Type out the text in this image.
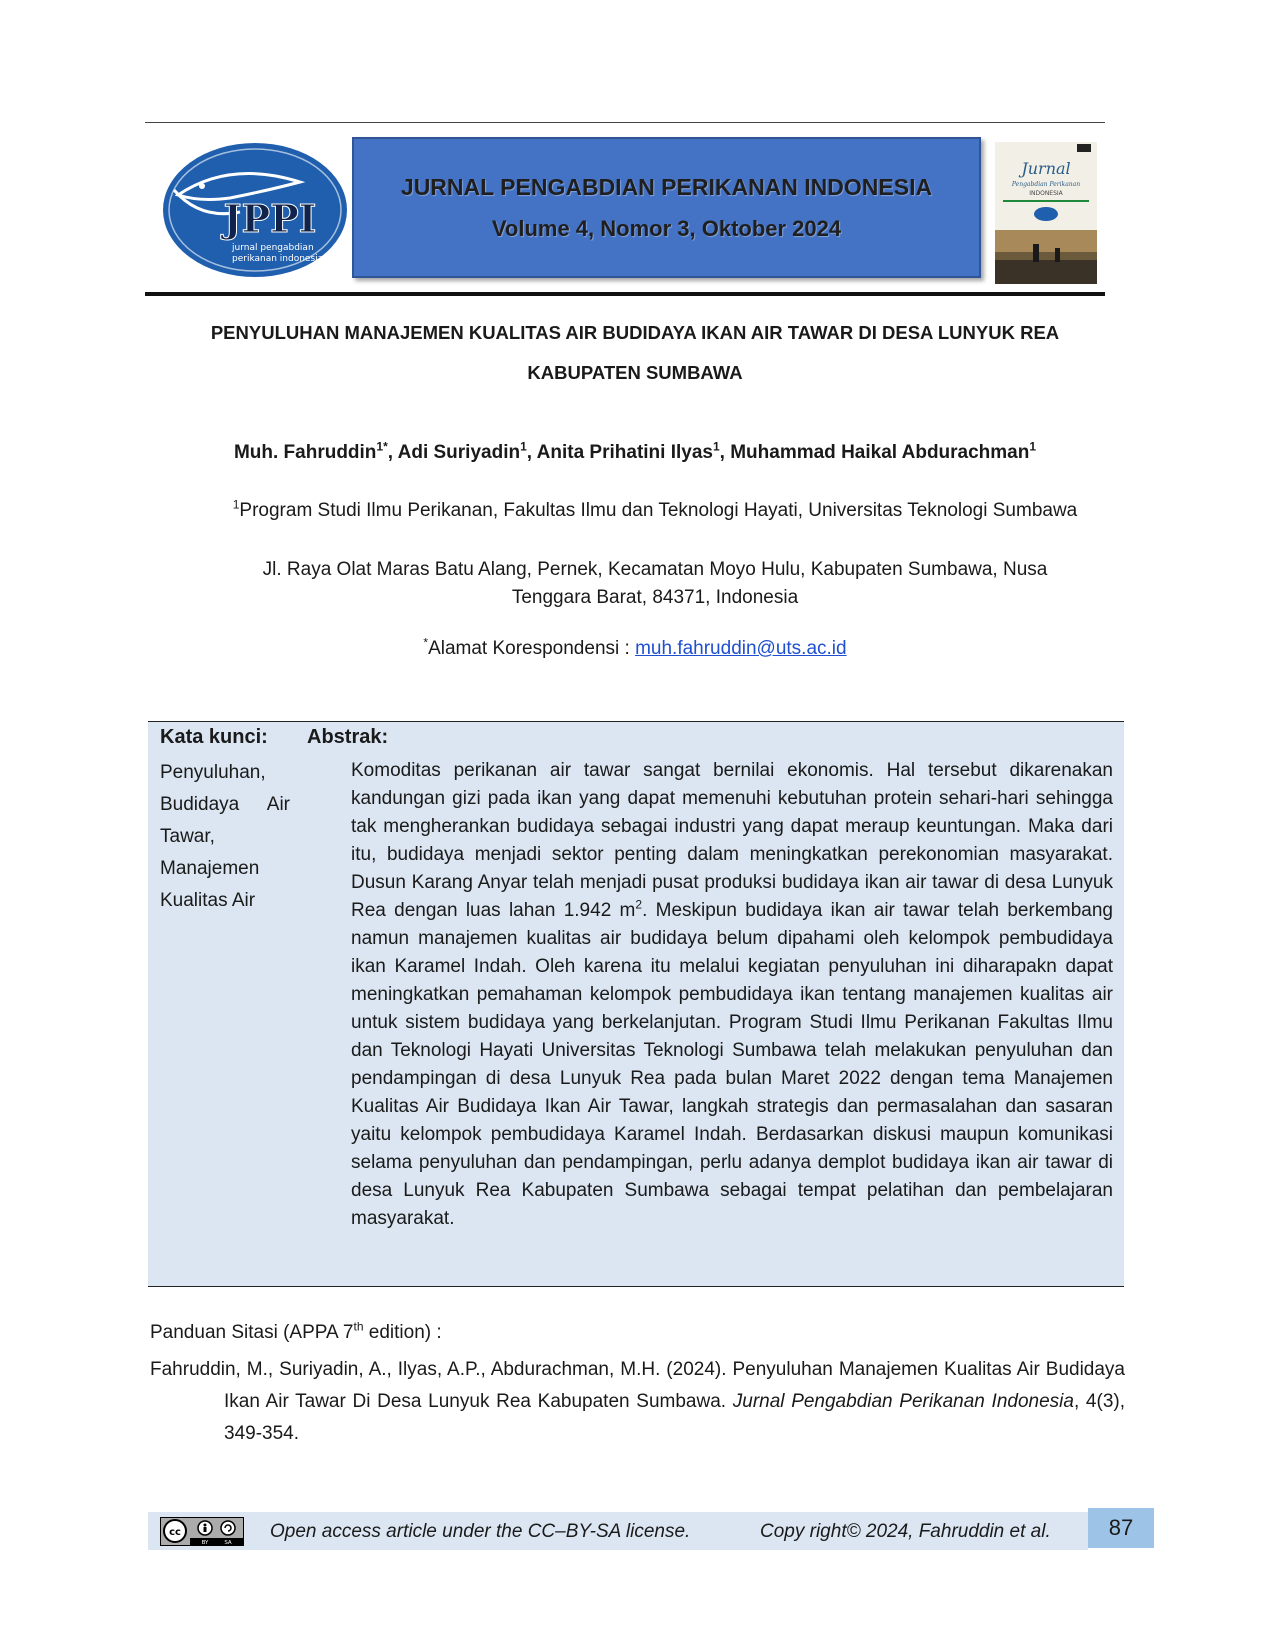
JPPI
jurnal pengabdian
perikanan indonesia
JURNAL PENGABDIAN PERIKANAN INDONESIA
Volume 4, Nomor 3, Oktober 2024
Jurnal
Pengabdian Perikanan
INDONESIA
PENYULUHAN MANAJEMEN KUALITAS AIR BUDIDAYA IKAN AIR TAWAR DI DESA LUNYUK REA
KABUPATEN SUMBAWA
Muh. Fahruddin$^{1*}$, Adi Suriyadin$^1$, Anita Prihatini Ilyas$^1$, Muhammad Haikal Abdurachman$^1$
$^1$Program Studi Ilmu Perikanan, Fakultas Ilmu dan Teknologi Hayati, Universitas Teknologi Sumbawa
Jl. Raya Olat Maras Batu Alang, Pernek, Kecamatan Moyo Hulu, Kabupaten Sumbawa, Nusa
Tenggara Barat, 84371, Indonesia
*Alamat Korespondensi : muh.fahruddin@uts.ac.id
Kata kunci: Abstrak:
Penyuluhan,
Budidaya Air
Tawar,
Manajemen
Kualitas Air

Komoditas perikanan air tawar sangat bernilai ekonomis. Hal tersebut dikarenakan kandungan gizi pada ikan yang dapat memenuhi kebutuhan protein sehari-hari sehingga tak mengherankan budidaya sebagai industri yang dapat meraup keuntungan. Maka dari itu, budidaya menjadi sektor penting dalam meningkatkan perekonomian masyarakat. Dusun Karang Anyar telah menjadi pusat produksi budidaya ikan air tawar di desa Lunyuk Rea dengan luas lahan 1.942 $m^2$. Meskipun budidaya ikan air tawar telah berkembang namun manajemen kualitas air budidaya belum dipahami oleh kelompok pembudidaya ikan Karamel Indah. Oleh karena itu melalui kegiatan penyuluhan ini diharapakn dapat meningkatkan pemahaman kelompok pembudidaya ikan tentang manajemen kualitas air untuk sistem budidaya yang berkelanjutan. Program Studi Ilmu Perikanan Fakultas Ilmu dan Teknologi Hayati Universitas Teknologi Sumbawa telah melakukan penyuluhan dan pendampingan di desa Lunyuk Rea pada bulan Maret 2022 dengan tema Manajemen Kualitas Air Budidaya Ikan Air Tawar, langkah strategis dan permasalahan dan sasaran yaitu kelompok pembudidaya Karamel Indah. Berdasarkan diskusi maupun komunikasi selama penyuluhan dan pendampingan, perlu adanya demplot budidaya ikan air tawar di desa Lunyuk Rea Kabupaten Sumbawa sebagai tempat pelatihan dan pembelajaran masyarakat.

Panduan Sitasi (APPA 7th edition) :
Fahruddin, M., Suriyadin, A., Ilyas, A.P., Abdurachman, M.H. (2024). Penyuluhan Manajemen Kualitas Air Budidaya Ikan Air Tawar Di Desa Lunyuk Rea Kabupaten Sumbawa. Jurnal Pengabdian Perikanan Indonesia, 4(3), 349-354.
cc
BY	SA
Open access article under the CC–BY-SA license.	Copy right© 2024, Fahruddin et al.	87
